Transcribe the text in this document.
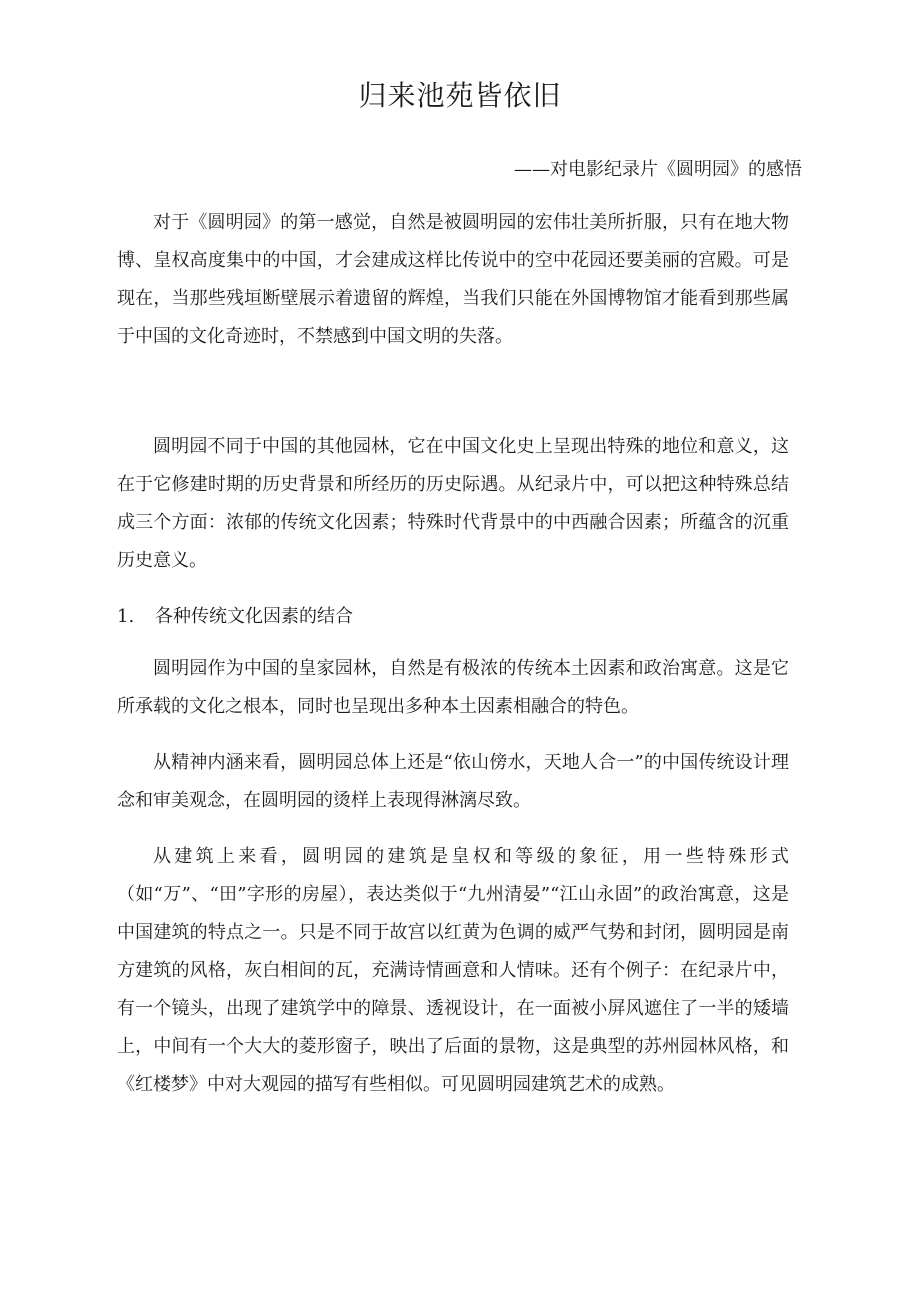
归来池苑皆依旧
——对电影纪录片《圆明园》的感悟

对于《圆明园》的第一感觉，自然是被圆明园的宏伟壮美所折服，只有在地大物博、皇权高度集中的中国，才会建成这样比传说中的空中花园还要美丽的宫殿。可是现在，当那些残垣断壁展示着遗留的辉煌，当我们只能在外国博物馆才能看到那些属于中国的文化奇迹时，不禁感到中国文明的失落。

圆明园不同于中国的其他园林，它在中国文化史上呈现出特殊的地位和意义，这在于它修建时期的历史背景和所经历的历史际遇。从纪录片中，可以把这种特殊总结成三个方面：浓郁的传统文化因素；特殊时代背景中的中西融合因素；所蕴含的沉重历史意义。

1. 各种传统文化因素的结合

圆明园作为中国的皇家园林，自然是有极浓的传统本土因素和政治寓意。这是它所承载的文化之根本，同时也呈现出多种本土因素相融合的特色。

从精神内涵来看，圆明园总体上还是“依山傍水，天地人合一”的中国传统设计理念和审美观念，在圆明园的烫样上表现得淋漓尽致。

从建筑上来看，圆明园的建筑是皇权和等级的象征，用一些特殊形式（如“万”、“田”字形的房屋），表达类似于“九州清晏”“江山永固”的政治寓意，这是中国建筑的特点之一。只是不同于故宫以红黄为色调的威严气势和封闭，圆明园是南方建筑的风格，灰白相间的瓦，充满诗情画意和人情味。还有个例子：在纪录片中，有一个镜头，出现了建筑学中的障景、透视设计，在一面被小屏风遮住了一半的矮墙上，中间有一个大大的菱形窗子，映出了后面的景物，这是典型的苏州园林风格，和《红楼梦》中对大观园的描写有些相似。可见圆明园建筑艺术的成熟。
